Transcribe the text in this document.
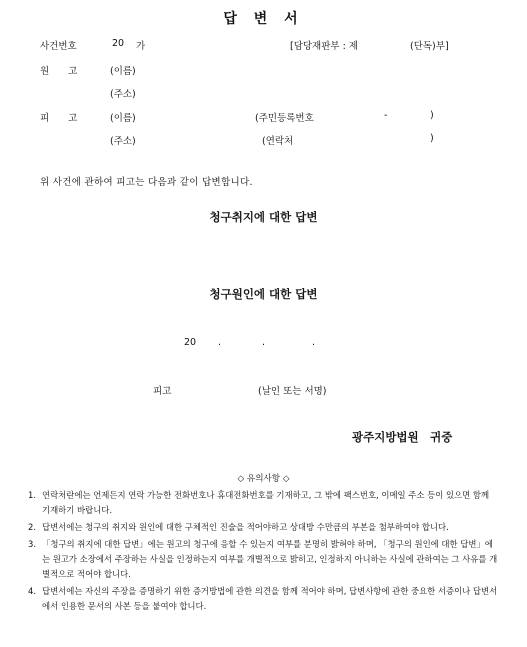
답 변 서
사건번호	20 가	[담당재판부 : 제	(단독)부]
원　　고	(이름)
(주소)
피　　고	(이름)	(주민등록번호	-	)
(주소)	(연락처	)
위 사건에 관하여 피고는 다음과 같이 답변합니다.
청구취지에 대한 답변
청구원인에 대한 답변
20 .	.	.
피고	(날인 또는 서명)
광주지방법원　귀중
◇ 유의사항 ◇
1. 연락처란에는 언제든지 연락 가능한 전화번호나 휴대전화번호를 기재하고, 그 밖에 팩스번호, 이메일 주소 등이 있으면 함께 기재하기 바랍니다.
2. 답변서에는 청구의 취지와 원인에 대한 구체적인 진술을 적어야하고 상대방 수만큼의 부본을 첨부하여야 합니다.
3. 「청구의 취지에 대한 답변」에는 원고의 청구에 응할 수 있는지 여부를 분명히 밝혀야 하며, 「청구의 원인에 대한 답변」에는 원고가 소장에서 주장하는 사실을 인정하는지 여부를 개별적으로 밝히고, 인정하지 아니하는 사실에 관하여는 그 사유를 개별적으로 적어야 합니다.
4. 답변서에는 자신의 주장을 증명하기 위한 증거방법에 관한 의견을 함께 적어야 하며, 답변사항에 관한 중요한 서증이나 답변서에서 인용한 문서의 사본 등을 붙여야 합니다.
